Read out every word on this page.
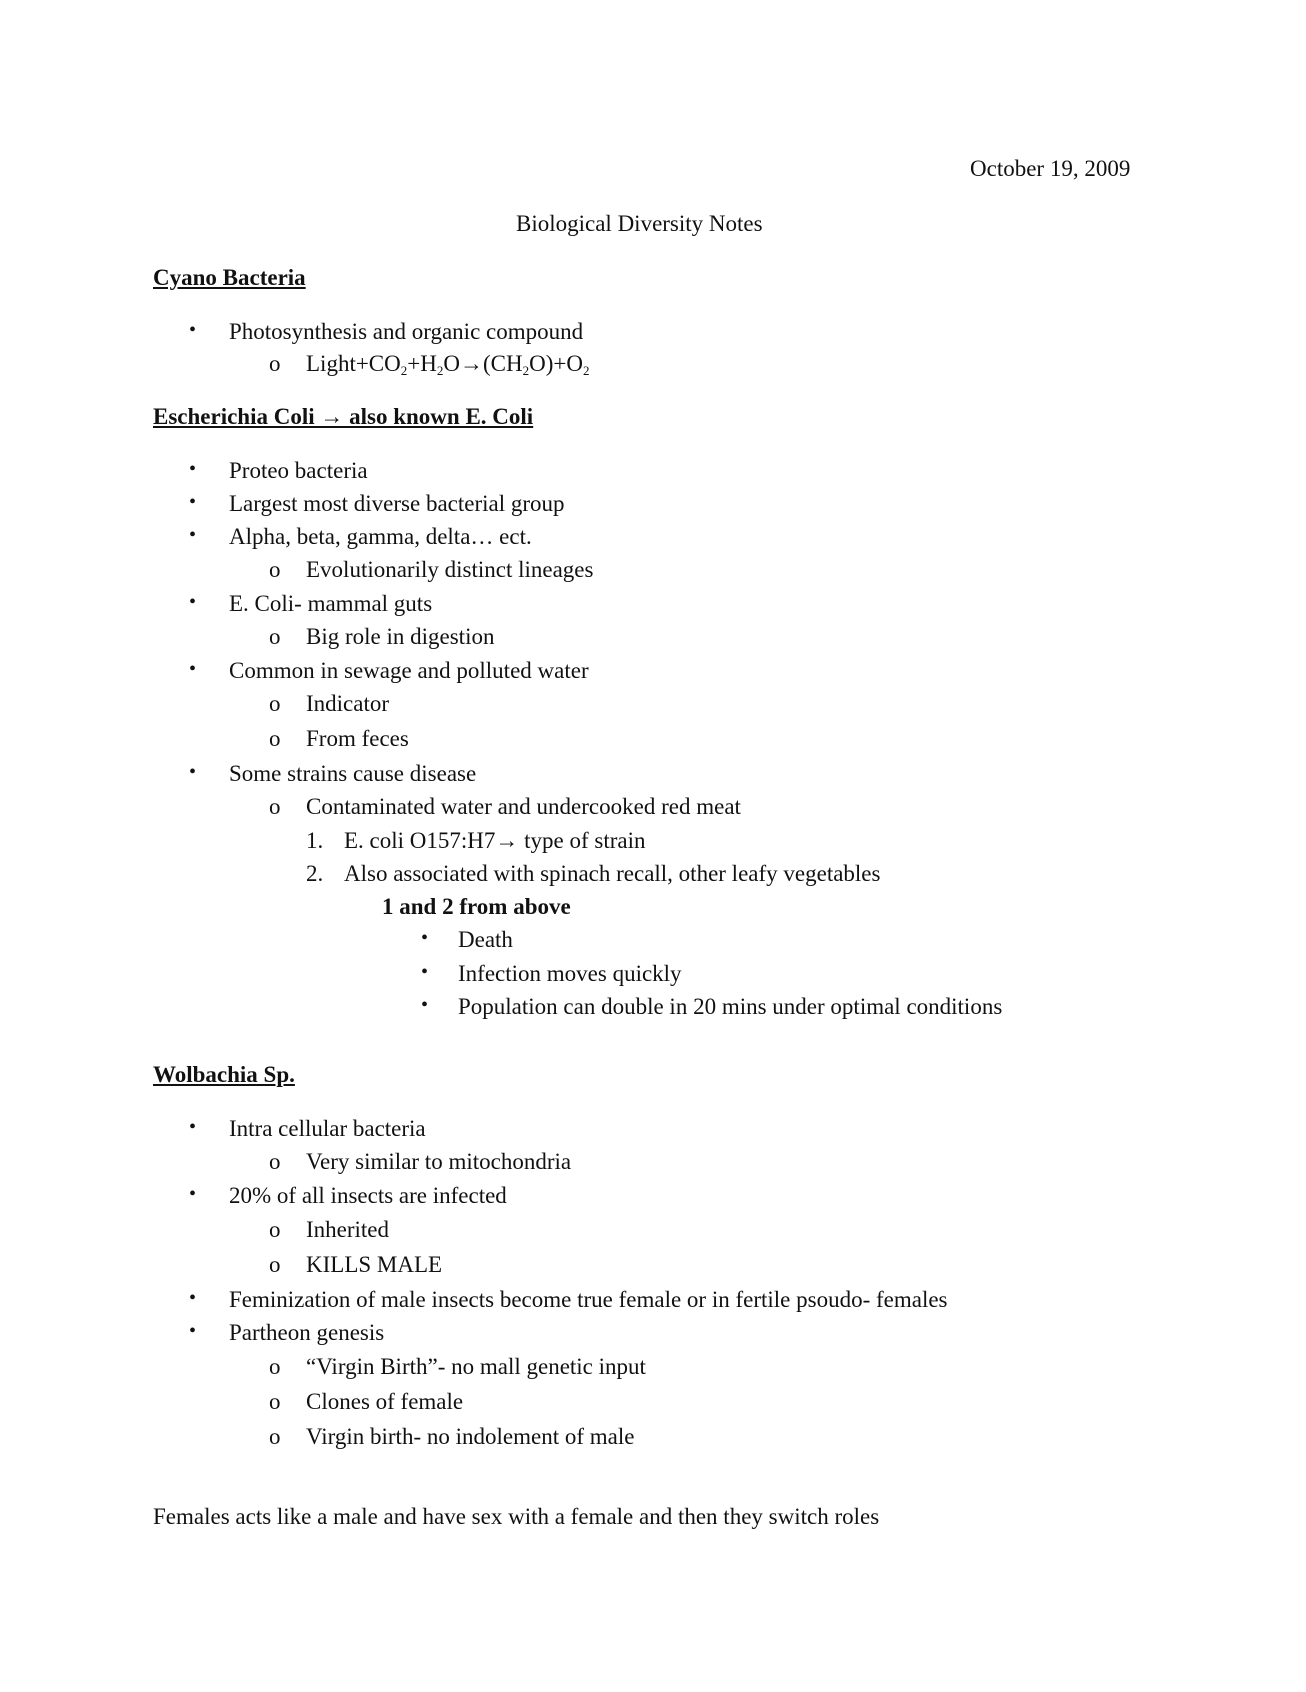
October 19, 2009
Biological Diversity Notes
Cyano Bacteria
• Photosynthesis and organic compound
o $Light+CO_2+H_2O\to(CH_2O)+O_2$
Escherichia Coli → also known E. Coli
• Proteo bacteria
• Largest most diverse bacterial group
• Alpha, beta, gamma, delta… ect.
o Evolutionarily distinct lineages
• E. Coli- mammal guts
o Big role in digestion
• Common in sewage and polluted water
o Indicator
o From feces
• Some strains cause disease
o Contaminated water and undercooked red meat
1. E. coli O157:H7→ type of strain
2. Also associated with spinach recall, other leafy vegetables
1 and 2 from above
• Death
• Infection moves quickly
• Population can double in 20 mins under optimal conditions
Wolbachia Sp.
• Intra cellular bacteria
o Very similar to mitochondria
• 20% of all insects are infected
o Inherited
o KILLS MALE
• Feminization of male insects become true female or in fertile psoudo- females
• Partheon genesis
o “Virgin Birth”- no mall genetic input
o Clones of female
o Virgin birth- no indolement of male
Females acts like a male and have sex with a female and then they switch roles
